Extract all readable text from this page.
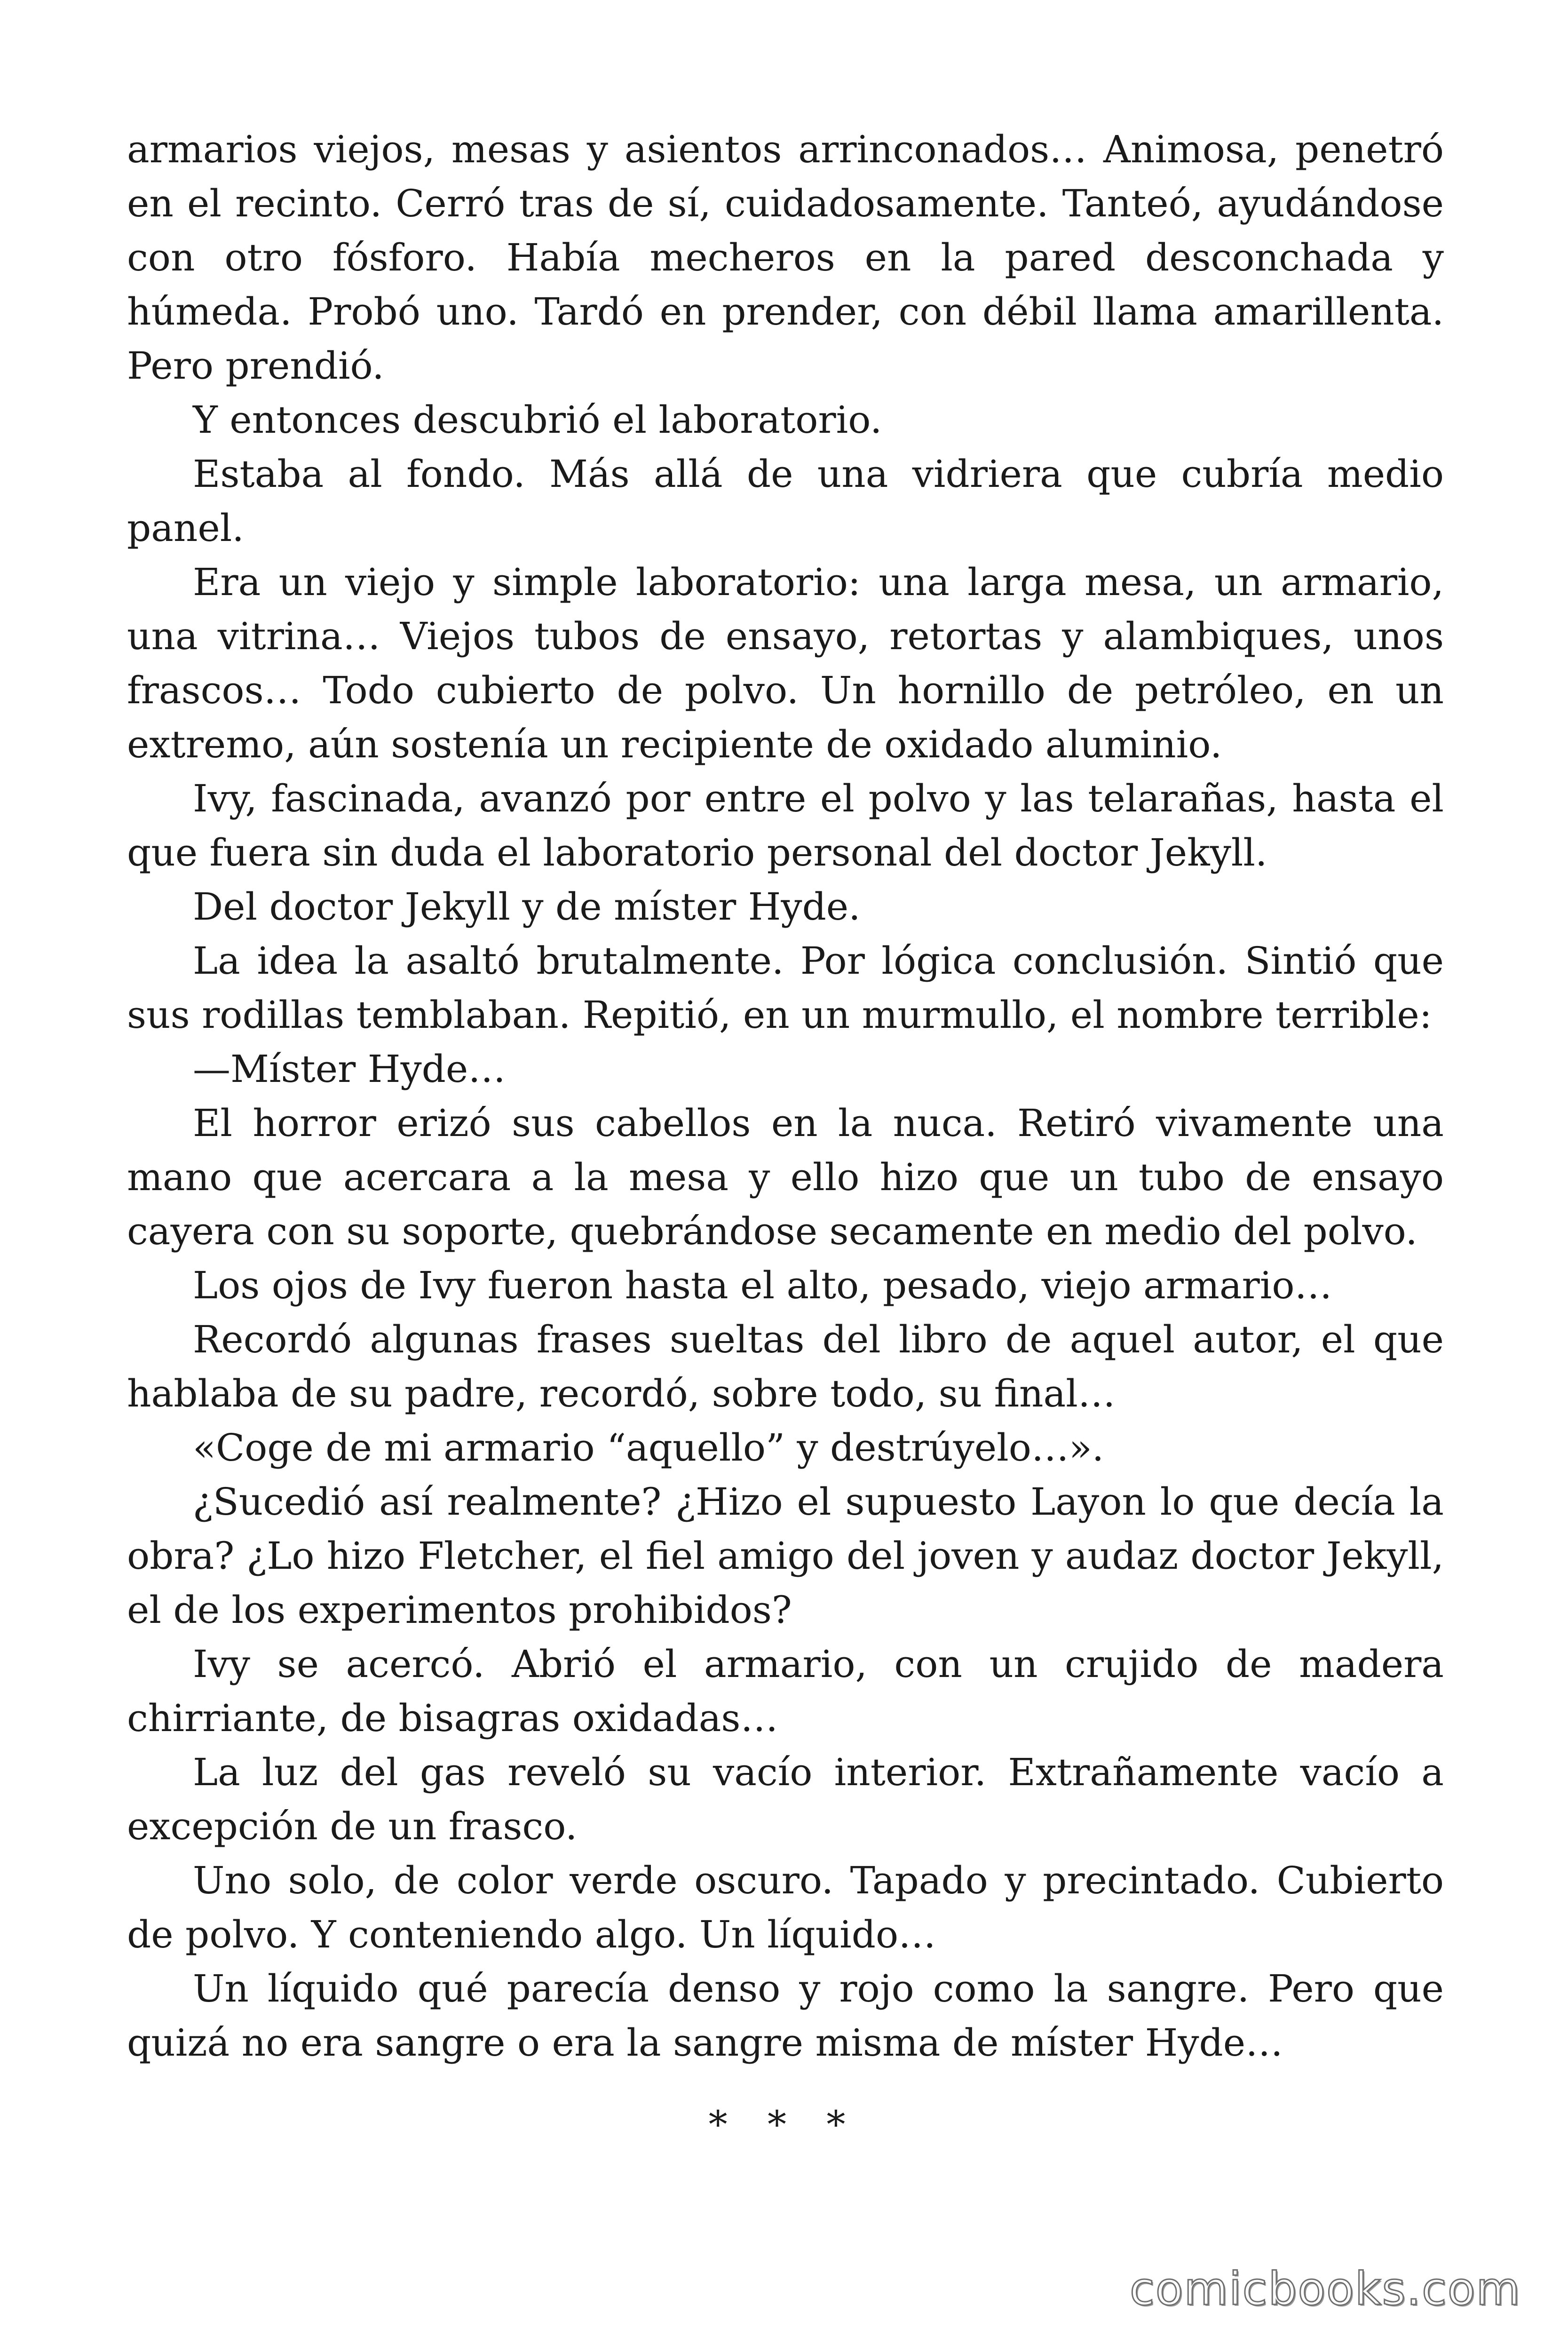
armarios viejos, mesas y asientos arrinconados… Animosa, penetró en el recinto. Cerró tras de sí, cuidadosamente. Tanteó, ayudándose con otro fósforo. Había mecheros en la pared desconchada y húmeda. Probó uno. Tardó en prender, con débil llama amarillenta. Pero prendió.

Y entonces descubrió el laboratorio.

Estaba al fondo. Más allá de una vidriera que cubría medio panel.

Era un viejo y simple laboratorio: una larga mesa, un armario, una vitrina… Viejos tubos de ensayo, retortas y alambiques, unos frascos… Todo cubierto de polvo. Un hornillo de petróleo, en un extremo, aún sostenía un recipiente de oxidado aluminio.

Ivy, fascinada, avanzó por entre el polvo y las telarañas, hasta el que fuera sin duda el laboratorio personal del doctor Jekyll.

Del doctor Jekyll y de míster Hyde.

La idea la asaltó brutalmente. Por lógica conclusión. Sintió que sus rodillas temblaban. Repitió, en un murmullo, el nombre terrible:

—Míster Hyde…

El horror erizó sus cabellos en la nuca. Retiró vivamente una mano que acercara a la mesa y ello hizo que un tubo de ensayo cayera con su soporte, quebrándose secamente en medio del polvo.

Los ojos de Ivy fueron hasta el alto, pesado, viejo armario…

Recordó algunas frases sueltas del libro de aquel autor, el que hablaba de su padre, recordó, sobre todo, su final…

«Coge de mi armario “aquello” y destrúyelo…».

¿Sucedió así realmente? ¿Hizo el supuesto Layon lo que decía la obra? ¿Lo hizo Fletcher, el fiel amigo del joven y audaz doctor Jekyll, el de los experimentos prohibidos?

Ivy se acercó. Abrió el armario, con un crujido de madera chirriante, de bisagras oxidadas…

La luz del gas reveló su vacío interior. Extrañamente vacío a excepción de un frasco.

Uno solo, de color verde oscuro. Tapado y precintado. Cubierto de polvo. Y conteniendo algo. Un líquido…

Un líquido qué parecía denso y rojo como la sangre. Pero que quizá no era sangre o era la sangre misma de míster Hyde…

* * *
comicbooks.com
